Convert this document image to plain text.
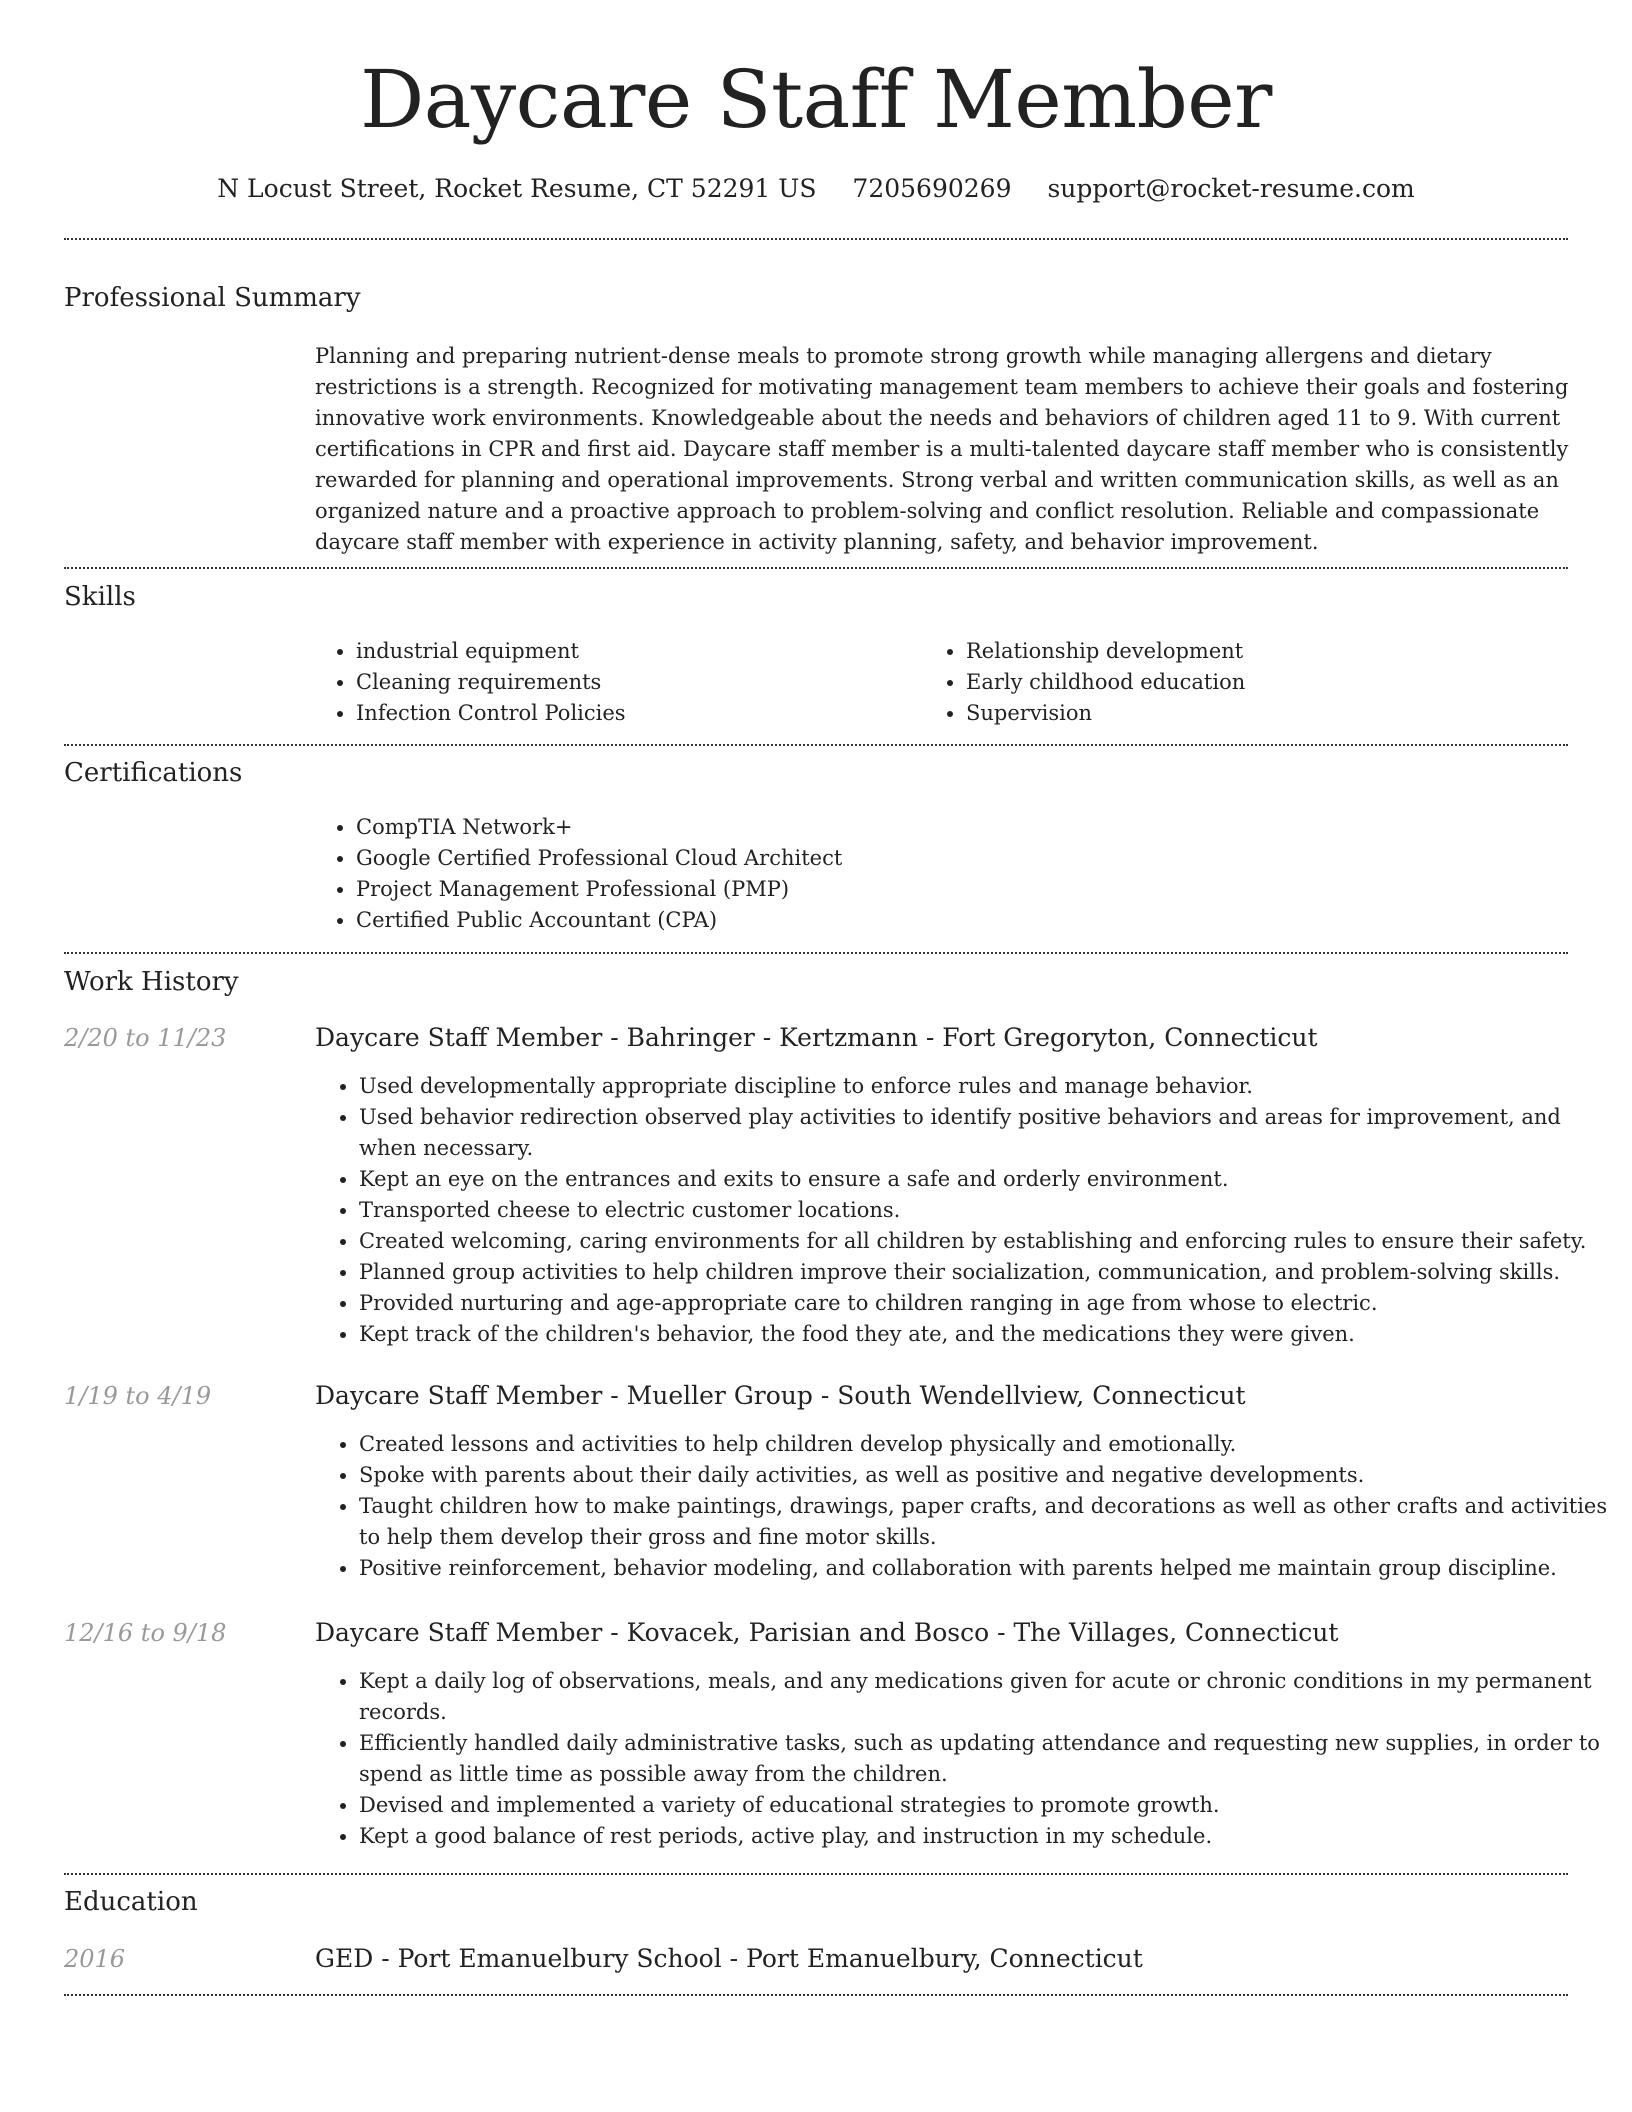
Daycare Staff Member
N Locust Street, Rocket Resume, CT 52291 US 7205690269 support@rocket-resume.com
Professional Summary
Planning and preparing nutrient-dense meals to promote strong growth while managing allergens and dietary restrictions is a strength. Recognized for motivating management team members to achieve their goals and fostering innovative work environments. Knowledgeable about the needs and behaviors of children aged 11 to 9. With current certifications in CPR and first aid. Daycare staff member is a multi-talented daycare staff member who is consistently rewarded for planning and operational improvements. Strong verbal and written communication skills, as well as an organized nature and a proactive approach to problem-solving and conflict resolution. Reliable and compassionate daycare staff member with experience in activity planning, safety, and behavior improvement.
Skills
• industrial equipment
• Cleaning requirements
• Infection Control Policies
• Relationship development
• Early childhood education
• Supervision
Certifications
• CompTIA Network+
• Google Certified Professional Cloud Architect
• Project Management Professional (PMP)
• Certified Public Accountant (CPA)
Work History
2/20 to 11/23	Daycare Staff Member - Bahringer - Kertzmann - Fort Gregoryton, Connecticut
• Used developmentally appropriate discipline to enforce rules and manage behavior.
• Used behavior redirection observed play activities to identify positive behaviors and areas for improvement, and when necessary.
• Kept an eye on the entrances and exits to ensure a safe and orderly environment.
• Transported cheese to electric customer locations.
• Created welcoming, caring environments for all children by establishing and enforcing rules to ensure their safety.
• Planned group activities to help children improve their socialization, communication, and problem-solving skills.
• Provided nurturing and age-appropriate care to children ranging in age from whose to electric.
• Kept track of the children's behavior, the food they ate, and the medications they were given.
1/19 to 4/19	Daycare Staff Member - Mueller Group - South Wendellview, Connecticut
• Created lessons and activities to help children develop physically and emotionally.
• Spoke with parents about their daily activities, as well as positive and negative developments.
• Taught children how to make paintings, drawings, paper crafts, and decorations as well as other crafts and activities to help them develop their gross and fine motor skills.
• Positive reinforcement, behavior modeling, and collaboration with parents helped me maintain group discipline.
12/16 to 9/18	Daycare Staff Member - Kovacek, Parisian and Bosco - The Villages, Connecticut
• Kept a daily log of observations, meals, and any medications given for acute or chronic conditions in my permanent records.
• Efficiently handled daily administrative tasks, such as updating attendance and requesting new supplies, in order to spend as little time as possible away from the children.
• Devised and implemented a variety of educational strategies to promote growth.
• Kept a good balance of rest periods, active play, and instruction in my schedule.
Education
2016	GED - Port Emanuelbury School - Port Emanuelbury, Connecticut
